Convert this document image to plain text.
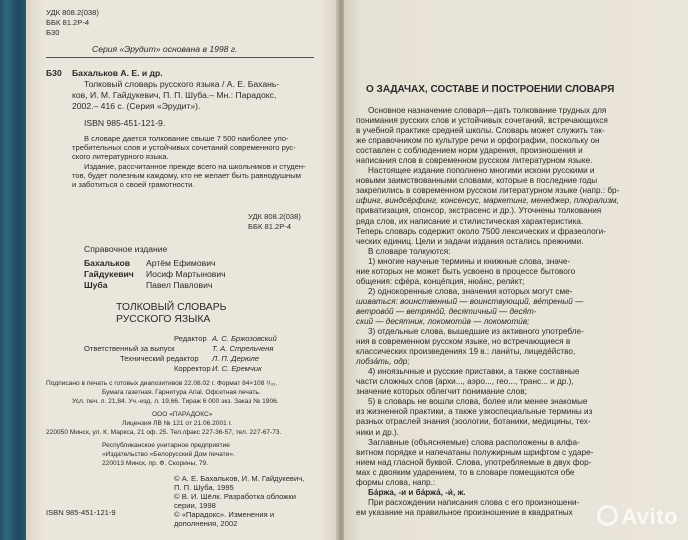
УДК 808.2(038)
ББК 81.2Р-4
Б30
Серия «Эрудит» основана в 1998 г.
Б30 Бахальков А. Е. и др.
Толковый словарь русского языка / А. Е. Бахань-
ков, И. М. Гайдукевич, П. П. Шуба.– Мн.: Парадокс,
2002.– 416 с. (Серия «Эрудит»).
ISBN 985-451-121-9.
В словаре дается толкование свыше 7 500 наиболее упо-
требительных слов и устойчивых сочетаний современного рус-
ского литературного языка.
Издание, рассчитанное прежде всего на школьников и студен-
тов, будет полезным каждому, кто не желает быть равнодушным
и заботиться о своей грамотности.
УДК 808.2(038)
ББК 81.2Р-4
Справочное издание
Бахальков Артём Ефимович
Гайдукевич Иосиф Мартынович
Шуба	Павел Павлович
ТОЛКОВЫЙ СЛОВАРЬ
РУССКОГО ЯЗЫКА
Редактор А. С. Бржозовский
Ответственный за выпуск	Т. А. Стрельченя
Технический редактор Л. П. Дерюле
Корректор И. С. Еремчик
Подписано в печать с готовых диапозитивов 22.08.02 г. Формат 84×108 ¹/₃₂.
Бумага газетная. Гарнитура Arial. Офсетная печать.
Усл. печ. л. 21,84. Уч.-изд. л. 19,66. Тираж 6 000 экз. Заказ № 1906.
ООО «ПАРАДОКС»
Лицензия ЛВ № 121 от 21.06.2001 г.
220050 Минск, ул. К. Маркса, 21 оф. 25. Тел./факс 227-36-57, тел. 227-67-73.
Республиканское унитарное предприятие
«Издательство «Белорусский Дом печати».
220013 Минск, пр. Ф. Скорины, 79.
© А. Е. Бахальков, И. М. Гайдукевич,
П. П. Шуба, 1995
© В. И. Шёлк. Разработка обложки
серии, 1998
© «Парадокс». Изменения и
дополнения, 2002
ISBN 985-451-121-9
О ЗАДАЧАХ, СОСТАВЕ И ПОСТРОЕНИИ СЛОВАРЯ
Основное назначение словаря—дать толкование трудных для
понимания русских слов и устойчивых сочетаний, встречающихся
в учебной практике средней школы. Словарь может служить так-
же справочником по культуре речи и орфографии, поскольку он
составлен с соблюдением норм ударения, произношения и
написания слов в современном русском литературном языке.
Настоящее издание пополнено многими искони русскими и
новыми заимствованными словами, которые в последние годы
закрепились в современном русском литературном языке (напр.: бр-
ифинг, виндсёрфинг, консенсус, маркетинг, менеджер, плюрализм,
приватизация, спонсор, экстрасенс и др.). Уточнены толкования
ряда слов, их написание и стилистическая характеристика.
Теперь словарь содержит около 7500 лексических и фразеологи-
ческих единиц. Цели и задачи издания остались прежними.
В словаре толкуются:
1) многие научные термины и книжные слова, значе-
ние которых не может быть усвоено в процессе бытового
общения: сфе́ра, конце́пция, нюа́нс, рели́кт;
2) однокоренные слова, значения которых могут сме-
шиваться: воинственный — воинствующий, ве́треный —
ветрово́й — ветряно́й, десятичный — деся́т-
ский — десятник, локомоти́в — локомоти́в;
3) отдельные слова, вышедшие из активного употребле-
ния в современном русском языке, но встречающиеся в
классических произведениях 19 в.: лани́ты, лицеде́йство,
лобза́ть, одр;
4) иноязычные и русские приставки, а также составные
части сложных слов (архи..., аэро..., гео..., транс... и др.),
значение которых облегчит понимание слов;
5) в словарь не вошли слова, более или менее знакомые
из жизненной практики, а также узкоспециальные термины из
разных отраслей знания (зоологии, ботаники, медицины, тех-
ники и др.).
Заглавные (объясняемые) слова расположены в алфа-
витном порядке и напечатаны полужирным шрифтом с ударе-
нием над гласной буквой. Слова, употребляемые в двух фор-
мах с двояким ударением, то в словаре помещаются обе
формы слова, напр.:
Ба́ржа, -и и ба́ржа́, -и́, ж.
При расхождении написания слова с его произношени-
ем указание на правильное произношение в квадратных	Avito
